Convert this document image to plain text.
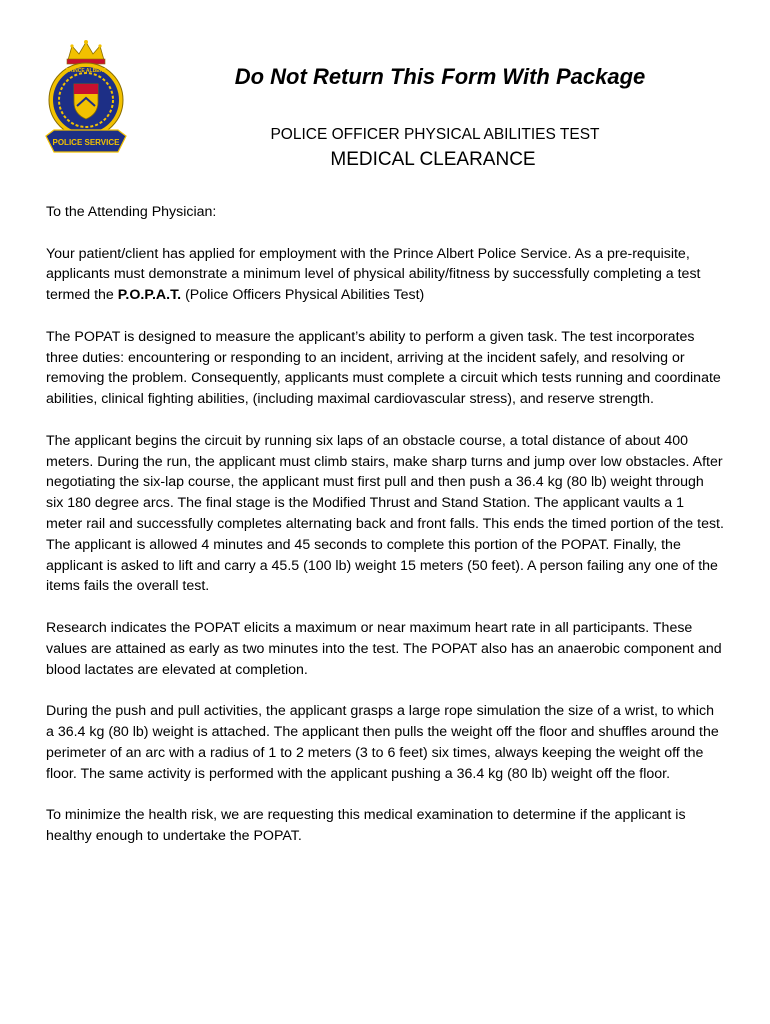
PRINCE ALBERT
POLICE SERVICE
Do Not Return This Form With Package
POLICE OFFICER PHYSICAL ABILITIES TEST
MEDICAL CLEARANCE

To the Attending Physician:

Your patient/client has applied for employment with the Prince Albert Police Service. As a pre-requisite, applicants must demonstrate a minimum level of physical ability/fitness by successfully completing a test termed the P.O.P.A.T. (Police Officers Physical Abilities Test)

The POPAT is designed to measure the applicant’s ability to perform a given task. The test incorporates three duties: encountering or responding to an incident, arriving at the incident safely, and resolving or removing the problem. Consequently, applicants must complete a circuit which tests running and coordinate abilities, clinical fighting abilities, (including maximal cardiovascular stress), and reserve strength.

The applicant begins the circuit by running six laps of an obstacle course, a total distance of about 400 meters. During the run, the applicant must climb stairs, make sharp turns and jump over low obstacles. After negotiating the six-lap course, the applicant must first pull and then push a 36.4 kg (80 lb) weight through six 180 degree arcs. The final stage is the Modified Thrust and Stand Station. The applicant vaults a 1 meter rail and successfully completes alternating back and front falls. This ends the timed portion of the test. The applicant is allowed 4 minutes and 45 seconds to complete this portion of the POPAT. Finally, the applicant is asked to lift and carry a 45.5 (100 lb) weight 15 meters (50 feet). A person failing any one of the items fails the overall test.

Research indicates the POPAT elicits a maximum or near maximum heart rate in all participants. These values are attained as early as two minutes into the test. The POPAT also has an anaerobic component and blood lactates are elevated at completion.

During the push and pull activities, the applicant grasps a large rope simulation the size of a wrist, to which a 36.4 kg (80 lb) weight is attached. The applicant then pulls the weight off the floor and shuffles around the perimeter of an arc with a radius of 1 to 2 meters (3 to 6 feet) six times, always keeping the weight off the floor. The same activity is performed with the applicant pushing a 36.4 kg (80 lb) weight off the floor.

To minimize the health risk, we are requesting this medical examination to determine if the applicant is healthy enough to undertake the POPAT.
